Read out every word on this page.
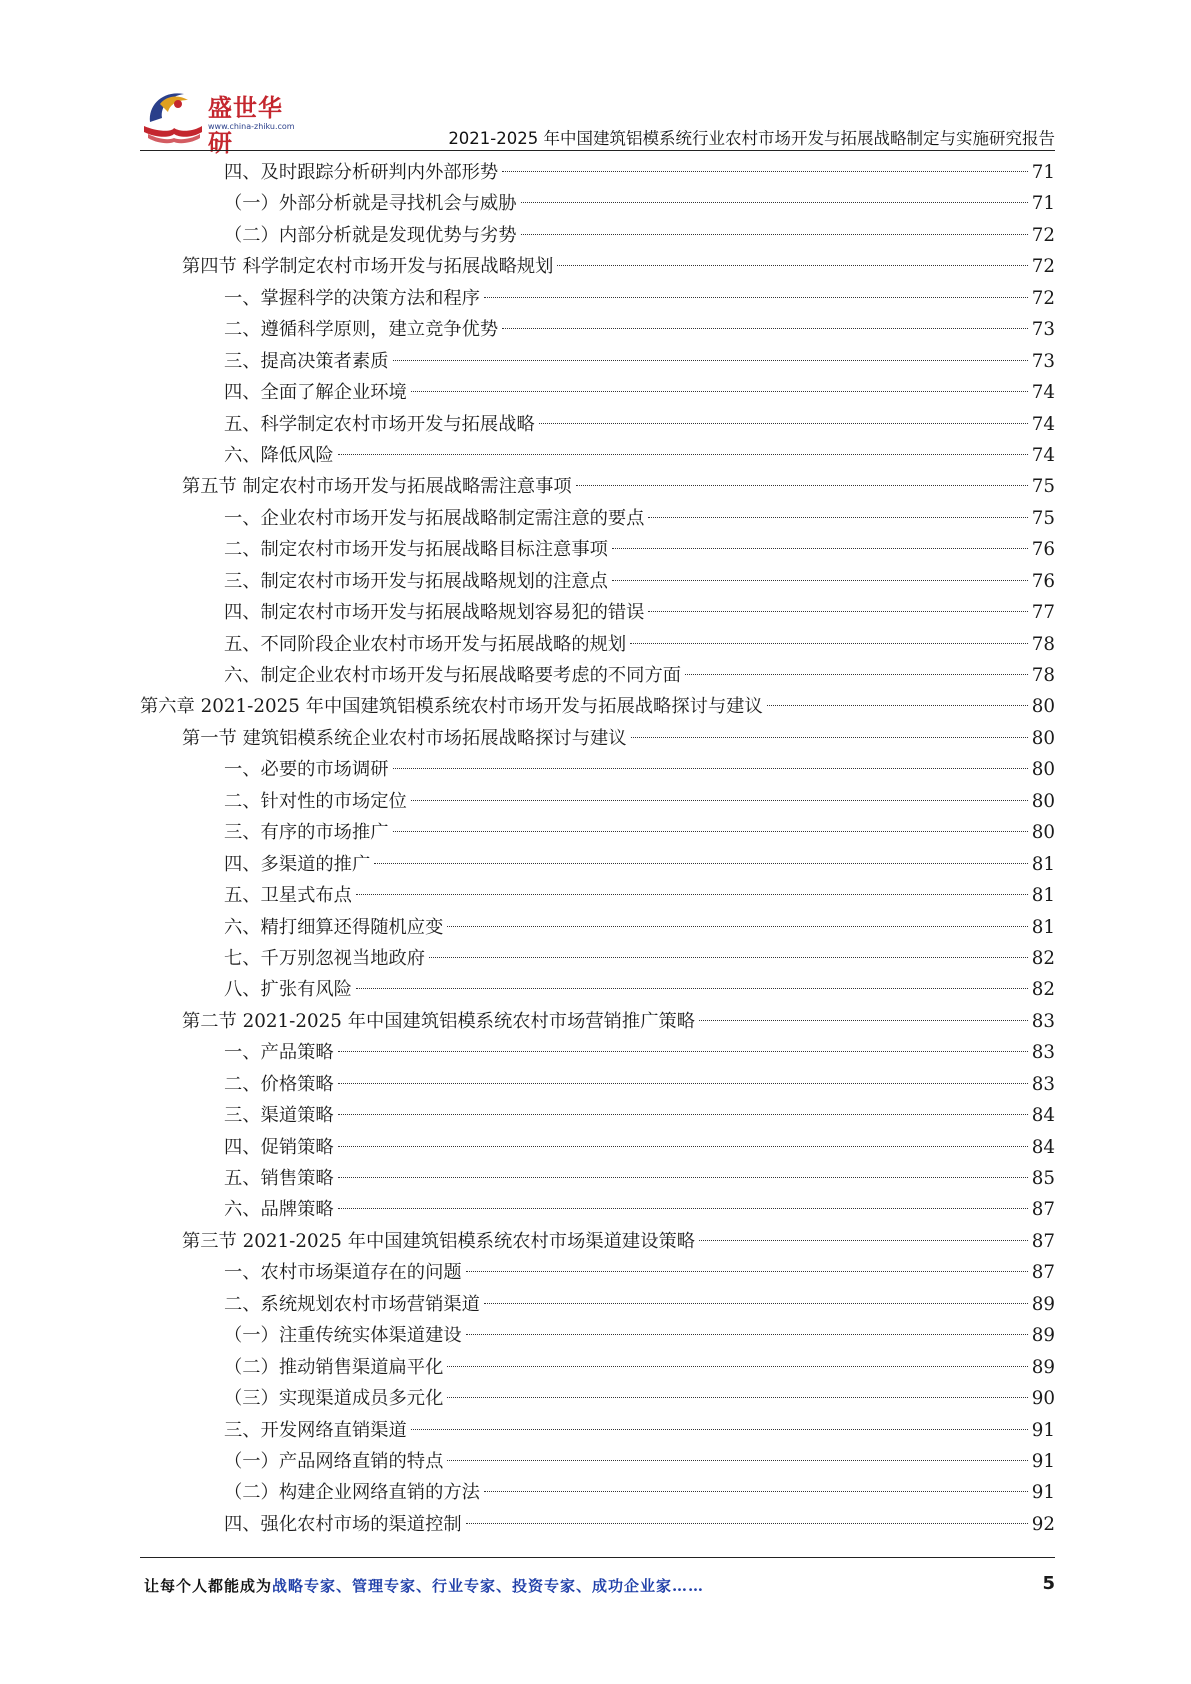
盛世华研
www.china-zhiku.com
2021-2025 年中国建筑铝模系统行业农村市场开发与拓展战略制定与实施研究报告
四、及时跟踪分析研判内外部形势	71
（一）外部分析就是寻找机会与威胁	71
（二）内部分析就是发现优势与劣势	72
第四节 科学制定农村市场开发与拓展战略规划	72
一、掌握科学的决策方法和程序	72
二、遵循科学原则，建立竞争优势	73
三、提高决策者素质	73
四、全面了解企业环境	74
五、科学制定农村市场开发与拓展战略	74
六、降低风险	74
第五节 制定农村市场开发与拓展战略需注意事项	75
一、企业农村市场开发与拓展战略制定需注意的要点	75
二、制定农村市场开发与拓展战略目标注意事项	76
三、制定农村市场开发与拓展战略规划的注意点	76
四、制定农村市场开发与拓展战略规划容易犯的错误	77
五、不同阶段企业农村市场开发与拓展战略的规划	78
六、制定企业农村市场开发与拓展战略要考虑的不同方面	78
第六章 2021-2025 年中国建筑铝模系统农村市场开发与拓展战略探讨与建议	80
第一节 建筑铝模系统企业农村市场拓展战略探讨与建议	80
一、必要的市场调研	80
二、针对性的市场定位	80
三、有序的市场推广	80
四、多渠道的推广	81
五、卫星式布点	81
六、精打细算还得随机应变	81
七、千万别忽视当地政府	82
八、扩张有风险	82
第二节 2021-2025 年中国建筑铝模系统农村市场营销推广策略	83
一、产品策略	83
二、价格策略	83
三、渠道策略	84
四、促销策略	84
五、销售策略	85
六、品牌策略	87
第三节 2021-2025 年中国建筑铝模系统农村市场渠道建设策略	87
一、农村市场渠道存在的问题	87
二、系统规划农村市场营销渠道	89
（一）注重传统实体渠道建设	89
（二）推动销售渠道扁平化	89
（三）实现渠道成员多元化	90
三、开发网络直销渠道	91
（一）产品网络直销的特点	91
（二）构建企业网络直销的方法	91
四、强化农村市场的渠道控制	92
让每个人都能成为战略专家、管理专家、行业专家、投资专家、成功企业家……	5
